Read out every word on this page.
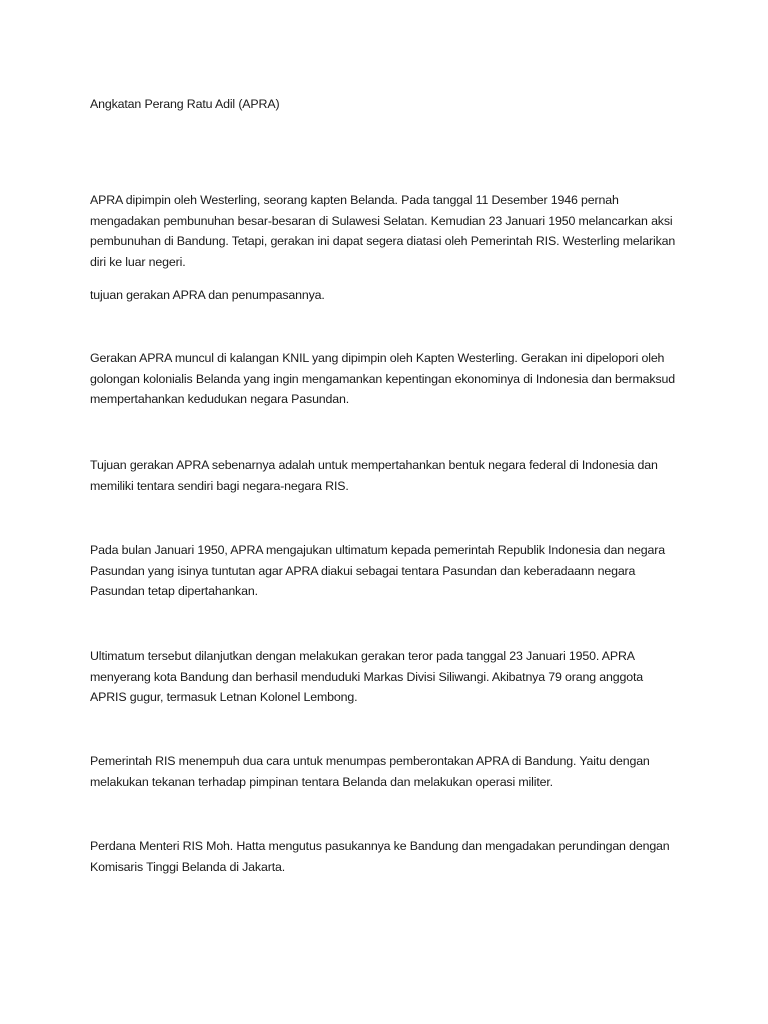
Angkatan Perang Ratu Adil (APRA)

APRA dipimpin oleh Westerling, seorang kapten Belanda. Pada tanggal 11 Desember 1946 pernah mengadakan pembunuhan besar-besaran di Sulawesi Selatan. Kemudian 23 Januari 1950 melancarkan aksi pembunuhan di Bandung. Tetapi, gerakan ini dapat segera diatasi oleh Pemerintah RIS. Westerling melarikan diri ke luar negeri.

tujuan gerakan APRA dan penumpasannya.

Gerakan APRA muncul di kalangan KNIL yang dipimpin oleh Kapten Westerling. Gerakan ini dipelopori oleh golongan kolonialis Belanda yang ingin mengamankan kepentingan ekonominya di Indonesia dan bermaksud mempertahankan kedudukan negara Pasundan.

Tujuan gerakan APRA sebenarnya adalah untuk mempertahankan bentuk negara federal di Indonesia dan memiliki tentara sendiri bagi negara-negara RIS.

Pada bulan Januari 1950, APRA mengajukan ultimatum kepada pemerintah Republik Indonesia dan negara Pasundan yang isinya tuntutan agar APRA diakui sebagai tentara Pasundan dan keberadaann negara Pasundan tetap dipertahankan.

Ultimatum tersebut dilanjutkan dengan melakukan gerakan teror pada tanggal 23 Januari 1950. APRA menyerang kota Bandung dan berhasil menduduki Markas Divisi Siliwangi. Akibatnya 79 orang anggota APRIS gugur, termasuk Letnan Kolonel Lembong.

Pemerintah RIS menempuh dua cara untuk menumpas pemberontakan APRA di Bandung. Yaitu dengan melakukan tekanan terhadap pimpinan tentara Belanda dan melakukan operasi militer.

Perdana Menteri RIS Moh. Hatta mengutus pasukannya ke Bandung dan mengadakan perundingan dengan Komisaris Tinggi Belanda di Jakarta.
